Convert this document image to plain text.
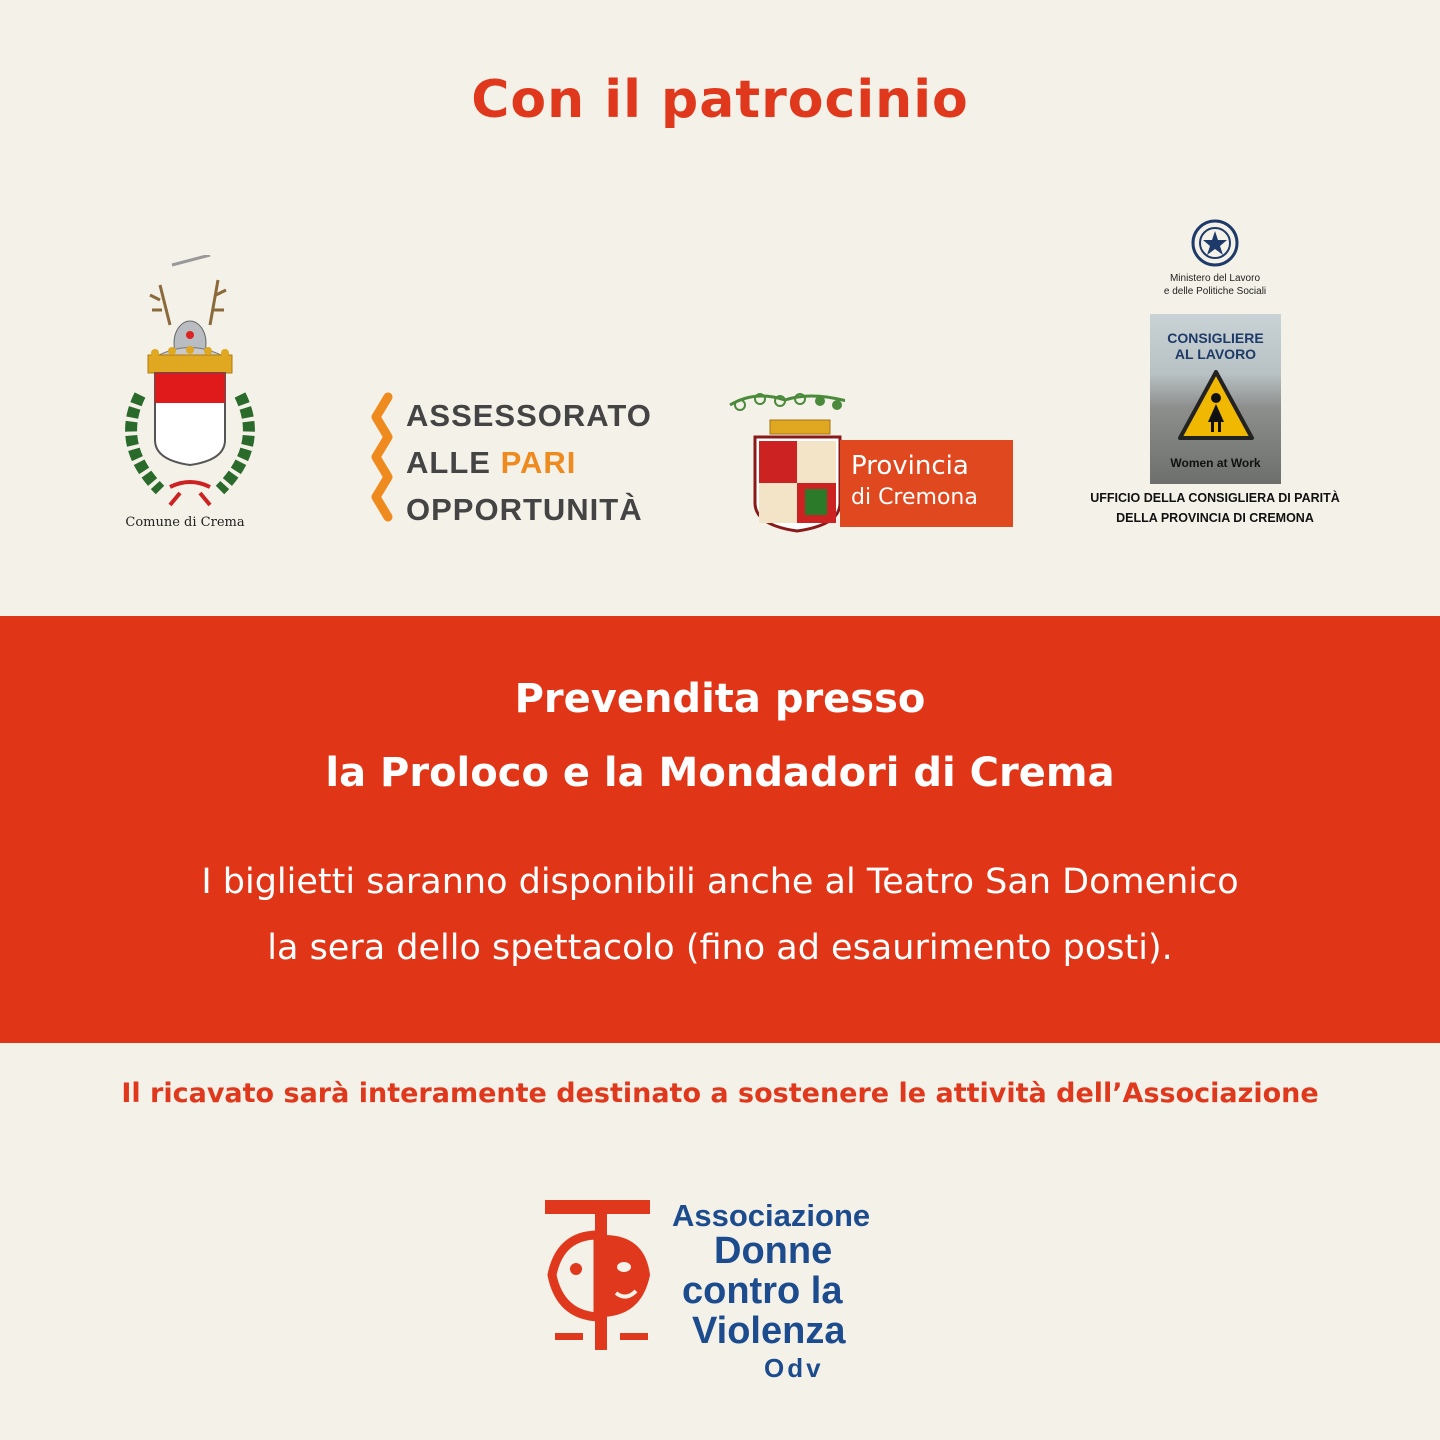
Con il patrocinio
Comune di Crema
ASSESSORATO
ALLE PARI
OPPORTUNITÀ
Provincia
di Cremona
Ministero del Lavoro
e delle Politiche Sociali
CONSIGLIERE
AL LAVORO
Women at Work
UFFICIO DELLA CONSIGLIERA DI PARITÀ
DELLA PROVINCIA DI CREMONA
Prevendita presso
la Proloco e la Mondadori di Crema
I biglietti saranno disponibili anche al Teatro San Domenico
la sera dello spettacolo (fino ad esaurimento posti).
Il ricavato sarà interamente destinato a sostenere le attività dell’Associazione
Associazione
Donne
contro la
Violenza
Odv
